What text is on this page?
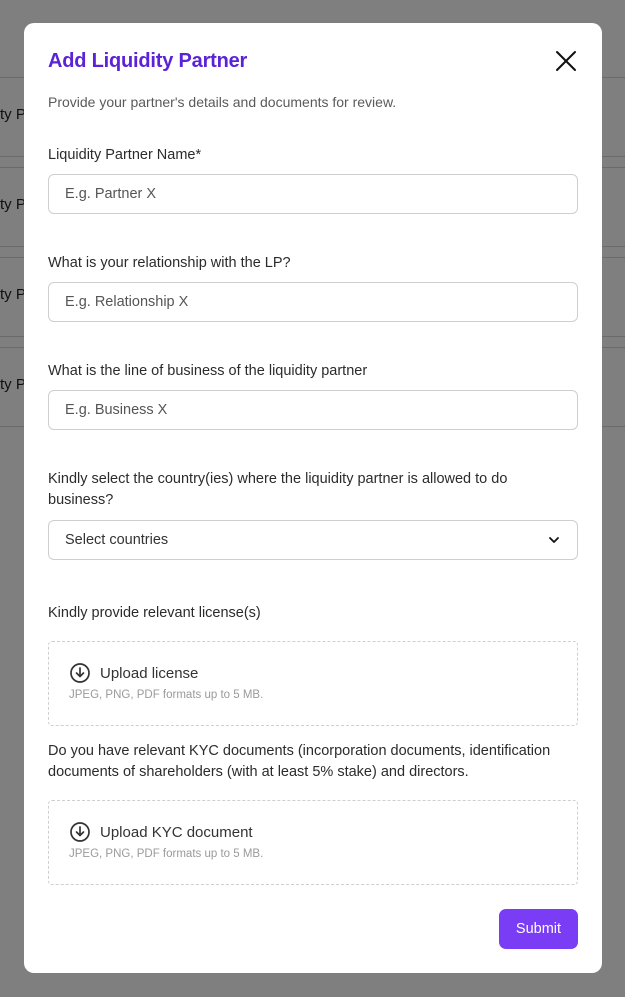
Add Liquidity Partner
Provide your partner's details and documents for review.
Liquidity Partner Name*
E.g. Partner X
What is your relationship with the LP?
E.g. Relationship X
What is the line of business of the liquidity partner
E.g. Business X
Kindly select the country(ies) where the liquidity partner is allowed to do business?
Select countries
Kindly provide relevant license(s)
Upload license
JPEG, PNG, PDF formats up to 5 MB.
Do you have relevant KYC documents (incorporation documents, identification documents of shareholders (with at least 5% stake) and directors.
Upload KYC document
JPEG, PNG, PDF formats up to 5 MB.
Submit
